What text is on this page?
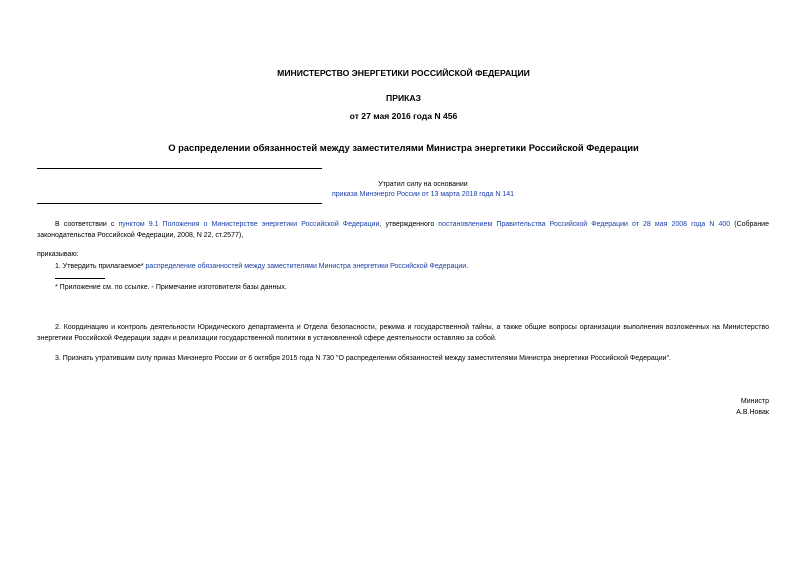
МИНИСТЕРСТВО ЭНЕРГЕТИКИ РОССИЙСКОЙ ФЕДЕРАЦИИ
ПРИКАЗ
от 27 мая 2016 года N 456
О распределении обязанностей между заместителями Министра энергетики Российской Федерации
Утратил силу на основании
приказа Минэнерго России от 13 марта 2018 года N 141
В соответствии с пунктом 9.1 Положения о Министерстве энергетики Российской Федерации, утвержденного постановлением Правительства Российской Федерации от 28 мая 2008 года N 400 (Собрание законодательства Российской Федерации, 2008, N 22, ст.2577),
приказываю:
1. Утвердить прилагаемое* распределение обязанностей между заместителями Министра энергетики Российской Федерации.
* Приложение см. по ссылке. - Примечание изготовителя базы данных.
2. Координацию и контроль деятельности Юридического департамента и Отдела безопасности, режима и государственной тайны, а также общие вопросы организации выполнения возложенных на Министерство энергетики Российской Федерации задач и реализации государственной политики в установленной сфере деятельности оставляю за собой.
3. Признать утратившим силу приказ Минэнерго России от 6 октября 2015 года N 730 "О распределении обязанностей между заместителями Министра энергетики Российской Федерации".
Министр
А.В.Новак
